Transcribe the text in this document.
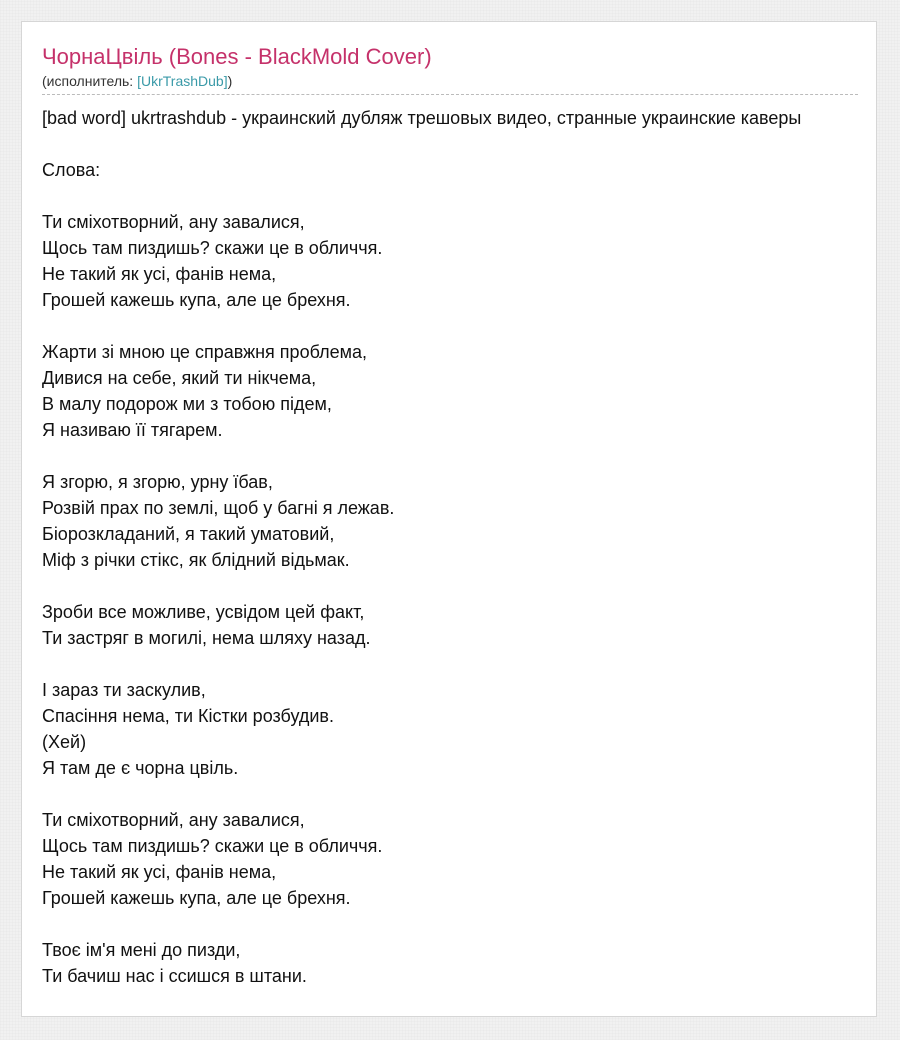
ЧорнаЦвіль (Bones - BlackMold Cover)
(исполнитель: [UkrTrashDub])
[bad word] ukrtrashdub - украинский дубляж трешовых видео, странные украинские каверы
Слова:
Ти сміхотворний, ану завалися,
Щось там пиздишь? скажи це в обличчя.
Не такий як усі, фанів нема,
Грошей кажешь купа, але це брехня.
Жарти зі мною це справжня проблема,
Дивися на себе, який ти нікчема,
В малу подорож ми з тобою підем,
Я називаю її тягарем.
Я згорю, я згорю, урну їбав,
Розвій прах по землі, щоб у багні я лежав.
Біорозкладаний, я такий уматовий,
Міф з річки стікс, як блідний відьмак.
Зроби все можливе, усвідом цей факт,
Ти застряг в могилі, нема шляху назад.
І зараз ти заскулив,
Спасіння нема, ти Кістки розбудив.
(Хей)
Я там де є чорна цвіль.
Ти сміхотворний, ану завалися,
Щось там пиздишь? скажи це в обличчя.
Не такий як усі, фанів нема,
Грошей кажешь купа, але це брехня.
Твоє ім'я мені до пизди,
Ти бачиш нас і ссишся в штани.
